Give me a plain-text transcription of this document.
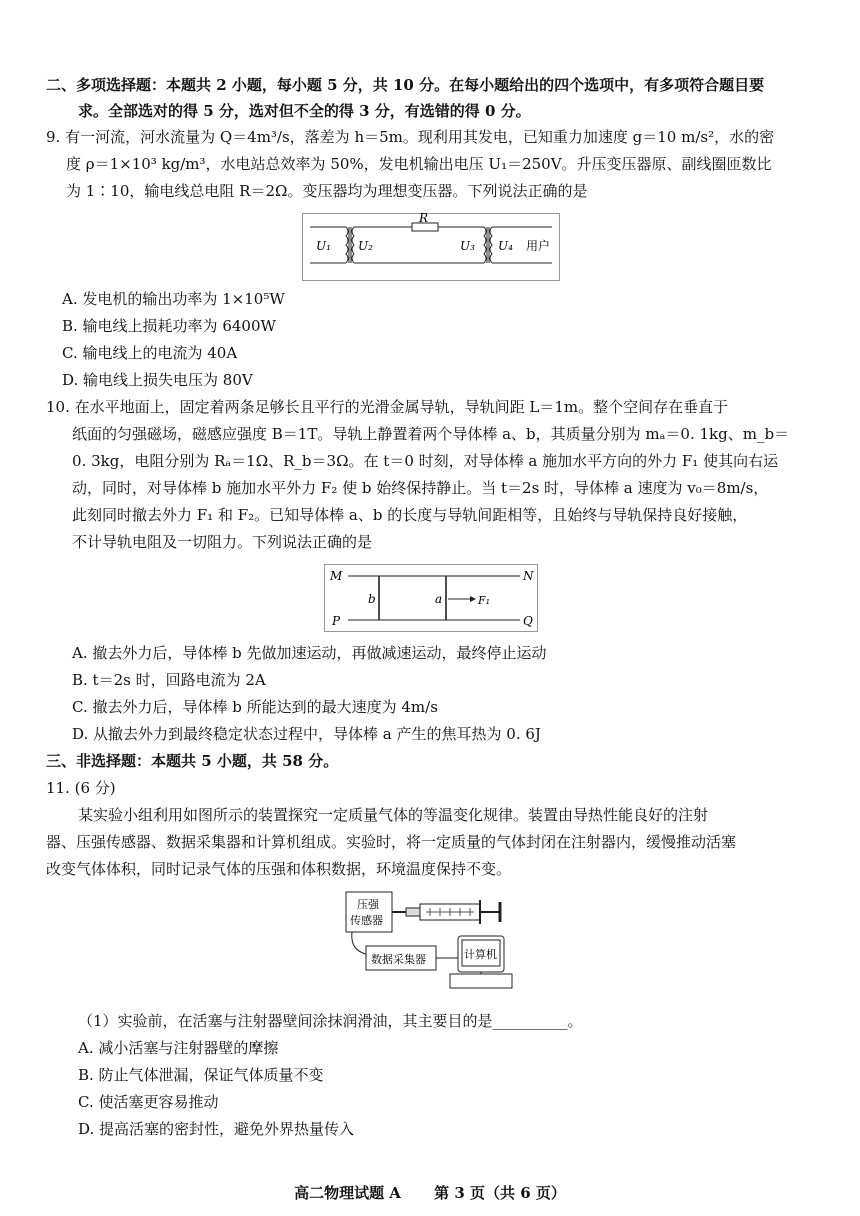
二、多项选择题：本题共 2 小题，每小题 5 分，共 10 分。在每小题给出的四个选项中，有多项符合题目要
求。全部选对的得 5 分，选对但不全的得 3 分，有选错的得 0 分。
9. 有一河流，河水流量为 Q＝4m³/s，落差为 h＝5m。现利用其发电，已知重力加速度 g＝10 m/s²，水的密
度 ρ＝1×10³ kg/m³，水电站总效率为 50%，发电机输出电压 U₁＝250V。升压变压器原、副线圈匝数比
为 1∶10，输电线总电阻 R＝2Ω。变压器均为理想变压器。下列说法正确的是
U₁ U₂
R
U₃ U₄ 用户
A. 发电机的输出功率为 1×10⁵W
B. 输电线上损耗功率为 6400W
C. 输电线上的电流为 40A
D. 输电线上损失电压为 80V
10. 在水平地面上，固定着两条足够长且平行的光滑金属导轨，导轨间距 L＝1m。整个空间存在垂直于
纸面的匀强磁场，磁感应强度 B＝1T。导轨上静置着两个导体棒 a、b，其质量分别为 mₐ＝0. 1kg、m_b＝
0. 3kg，电阻分别为 Rₐ＝1Ω、R_b＝3Ω。在 t＝0 时刻，对导体棒 a 施加水平方向的外力 F₁ 使其向右运
动，同时，对导体棒 b 施加水平外力 F₂ 使 b 始终保持静止。当 t＝2s 时，导体棒 a 速度为 v₀＝8m/s，
此刻同时撤去外力 F₁ 和 F₂。已知导体棒 a、b 的长度与导轨间距相等，且始终与导轨保持良好接触，
不计导轨电阻及一切阻力。下列说法正确的是
M	N
P	Q
b	a	F₁
A. 撤去外力后，导体棒 b 先做加速运动，再做减速运动，最终停止运动
B. t＝2s 时，回路电流为 2A
C. 撤去外力后，导体棒 b 所能达到的最大速度为 4m/s
D. 从撤去外力到最终稳定状态过程中，导体棒 a 产生的焦耳热为 0. 6J
三、非选择题：本题共 5 小题，共 58 分。
11. (6 分)
某实验小组利用如图所示的装置探究一定质量气体的等温变化规律。装置由导热性能良好的注射
器、压强传感器、数据采集器和计算机组成。实验时，将一定质量的气体封闭在注射器内，缓慢推动活塞
改变气体体积，同时记录气体的压强和体积数据，环境温度保持不变。
压强
传感器
数据采集器	计算机
（1）实验前，在活塞与注射器壁间涂抹润滑油，其主要目的是__________。
A. 减小活塞与注射器壁的摩擦
B. 防止气体泄漏，保证气体质量不变
C. 使活塞更容易推动
D. 提高活塞的密封性，避免外界热量传入
高二物理试题 A 第 3 页（共 6 页）
